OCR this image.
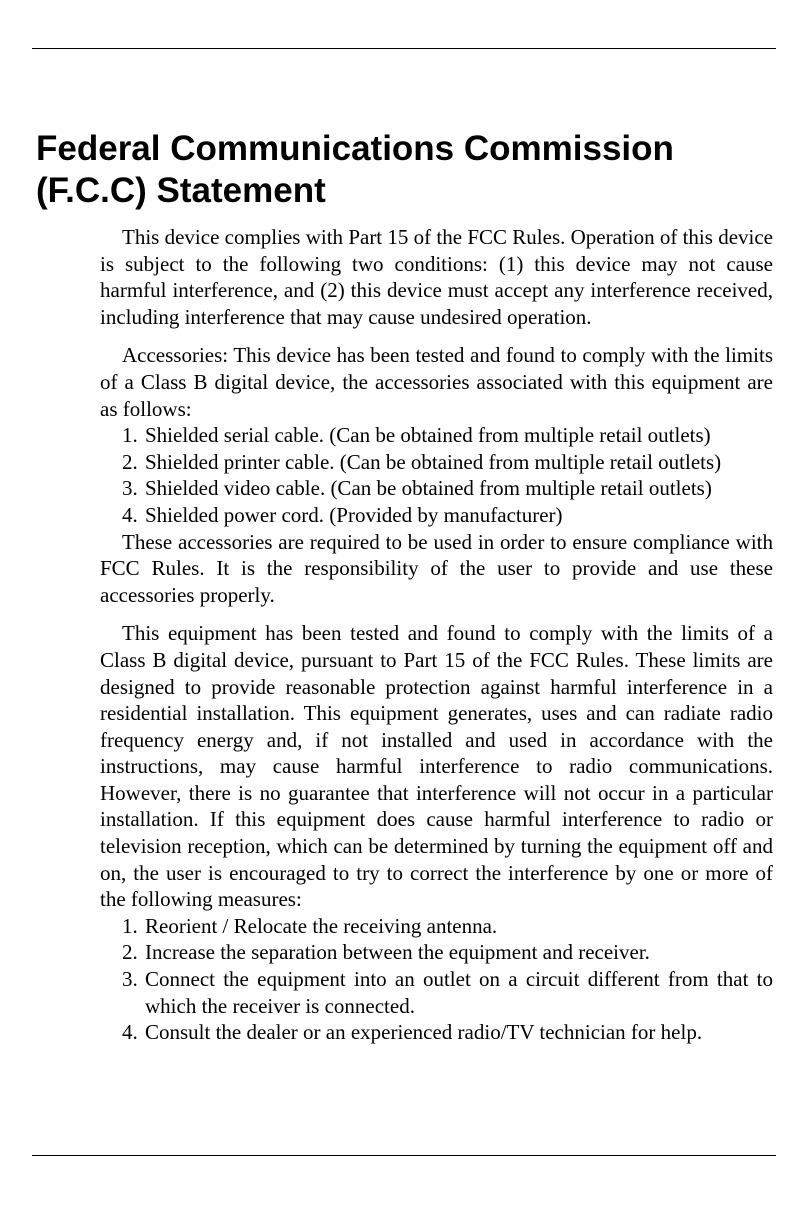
Federal Communications Commission (F.C.C) Statement

This device complies with Part 15 of the FCC Rules. Operation of this device is subject to the following two conditions: (1) this device may not cause harmful interference, and (2) this device must accept any interference received, including interference that may cause undesired operation.

Accessories: This device has been tested and found to comply with the limits of a Class B digital device, the accessories associated with this equipment are as follows:

1. Shielded serial cable. (Can be obtained from multiple retail outlets)
2. Shielded printer cable. (Can be obtained from multiple retail outlets)
3. Shielded video cable. (Can be obtained from multiple retail outlets)
4. Shielded power cord. (Provided by manufacturer)

These accessories are required to be used in order to ensure compliance with FCC Rules. It is the responsibility of the user to provide and use these accessories properly.

This equipment has been tested and found to comply with the limits of a Class B digital device, pursuant to Part 15 of the FCC Rules. These limits are designed to provide reasonable protection against harmful interference in a residential installation. This equipment generates, uses and can radiate radio frequency energy and, if not installed and used in accordance with the instructions, may cause harmful interference to radio communications. However, there is no guarantee that interference will not occur in a particular installation. If this equipment does cause harmful interference to radio or television reception, which can be determined by turning the equipment off and on, the user is encouraged to try to correct the interference by one or more of the following measures:

1. Reorient / Relocate the receiving antenna.
2. Increase the separation between the equipment and receiver.
3. Connect the equipment into an outlet on a circuit different from that to which the receiver is connected.
4. Consult the dealer or an experienced radio/TV technician for help.
